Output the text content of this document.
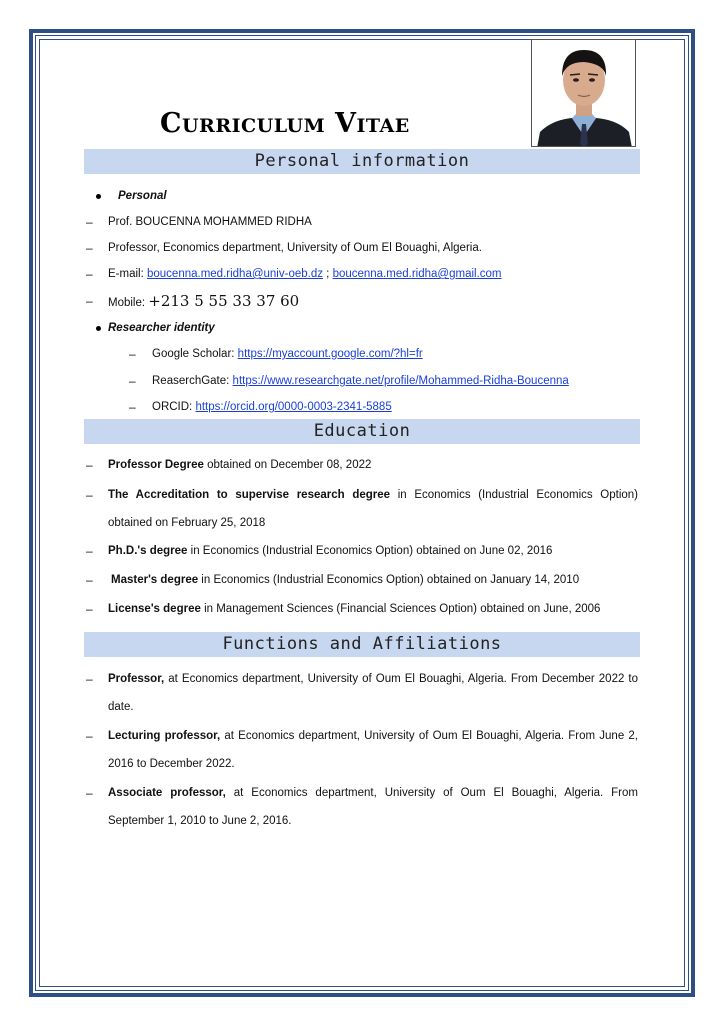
Curriculum Vitae
Personal information
Personal
– Prof. BOUCENNA MOHAMMED RIDHA
– Professor, Economics department, University of Oum El Bouaghi, Algeria.
– E-mail: boucenna.med.ridha@univ-oeb.dz ; boucenna.med.ridha@gmail.com
– Mobile: +213 5 55 33 37 60
Researcher identity
– Google Scholar: https://myaccount.google.com/?hl=fr
– ReaserchGate: https://www.researchgate.net/profile/Mohammed-Ridha-Boucenna
– ORCID: https://orcid.org/0000-0003-2341-5885
Education
– Professor Degree obtained on December 08, 2022
– The Accreditation to supervise research degree in Economics (Industrial Economics Option) obtained on February 25, 2018
– Ph.D.'s degree in Economics (Industrial Economics Option) obtained on June 02, 2016
– Master's degree in Economics (Industrial Economics Option) obtained on January 14, 2010
– License's degree in Management Sciences (Financial Sciences Option) obtained on June, 2006
Functions and Affiliations
– Professor, at Economics department, University of Oum El Bouaghi, Algeria. From December 2022 to date.
– Lecturing professor, at Economics department, University of Oum El Bouaghi, Algeria. From June 2, 2016 to December 2022.
– Associate professor, at Economics department, University of Oum El Bouaghi, Algeria. From September 1, 2010 to June 2, 2016.
